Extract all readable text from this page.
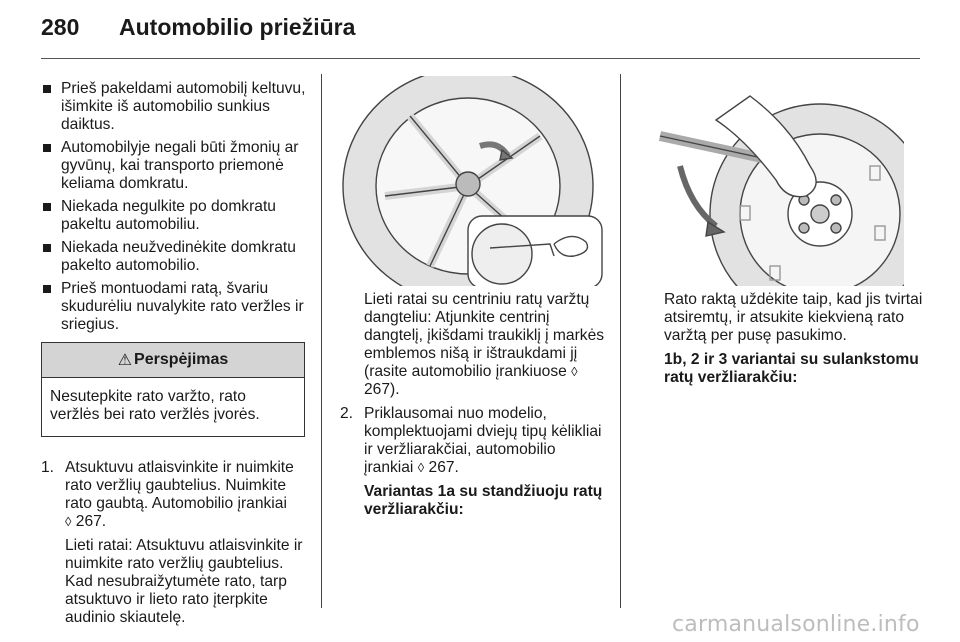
280	Automobilio priežiūra
Prieš pakeldami automobilį keltuvu, išimkite iš automobilio sunkius daiktus.
Automobilyje negali būti žmonių ar gyvūnų, kai transporto priemonė keliama domkratu.
Niekada negulkite po domkratu pakeltu automobiliu.
Niekada neužvedinėkite domkratu pakelto automobilio.
Prieš montuodami ratą, švariu skudurėliu nuvalykite rato veržles ir sriegius.
⚠ Perspėjimas
Nesutepkite rato varžto, rato veržlės bei rato veržlės įvorės.
1. Atsuktuvu atlaisvinkite ir nuimkite rato veržlių gaubtelius. Nuimkite rato gaubtą. Automobilio įrankiai
◊ 267.
Lieti ratai: Atsuktuvu atlaisvinkite ir nuimkite rato veržlių gaubtelius. Kad nesubraižytumėte rato, tarp atsuktuvo ir lieto rato įterpkite audinio skiautelę.
Lieti ratai su centriniu ratų varžtų dangteliu: Atjunkite centrinį dangtelį, įkišdami traukiklį į markės emblemos nišą ir ištraukdami jį (rasite automobilio įrankiuose ◊ 267).
2. Priklausomai nuo modelio, komplektuojami dviejų tipų kėlikliai ir veržliarakčiai, automobilio įrankiai ◊ 267.
Variantas 1a su standžiuoju ratų veržliarakčiu:
Rato raktą uždėkite taip, kad jis tvirtai atsiremtų, ir atsukite kiekvieną rato varžtą per pusę pasukimo.
1b, 2 ir 3 variantai su sulankstomu ratų veržliarakčiu:
carmanualsonline.info
